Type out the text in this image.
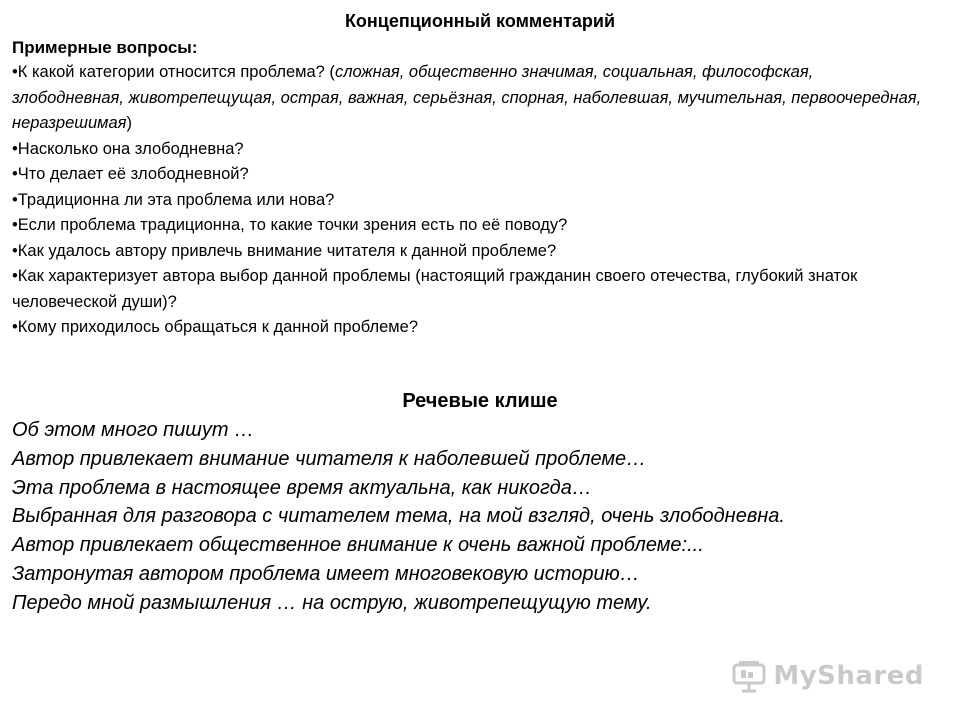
Концепционный комментарий
Примерные вопросы:
•К какой категории относится проблема? (сложная, общественно значимая, социальная, философская, злободневная, животрепещущая, острая, важная, серьёзная, спорная, наболевшая, мучительная, первоочередная, неразрешимая)
•Насколько она злободневна?
•Что делает её злободневной?
•Традиционна ли эта проблема или нова?
•Если проблема традиционна, то какие точки зрения есть по её поводу?
•Как удалось автору привлечь внимание читателя к данной проблеме?
•Как характеризует автора выбор данной проблемы (настоящий гражданин своего отечества, глубокий знаток человеческой души)?
•Кому приходилось обращаться к данной проблеме?
Речевые клише
Об этом много пишут …
Автор привлекает внимание читателя к наболевшей проблеме…
Эта проблема в настоящее время актуальна, как никогда…
Выбранная для разговора с читателем тема, на мой взгляд, очень злободневна.
Автор привлекает общественное внимание к очень важной проблеме:...
Затронутая автором проблема имеет многовековую историю…
Передо мной размышления … на острую, животрепещущую тему.
MyShared
